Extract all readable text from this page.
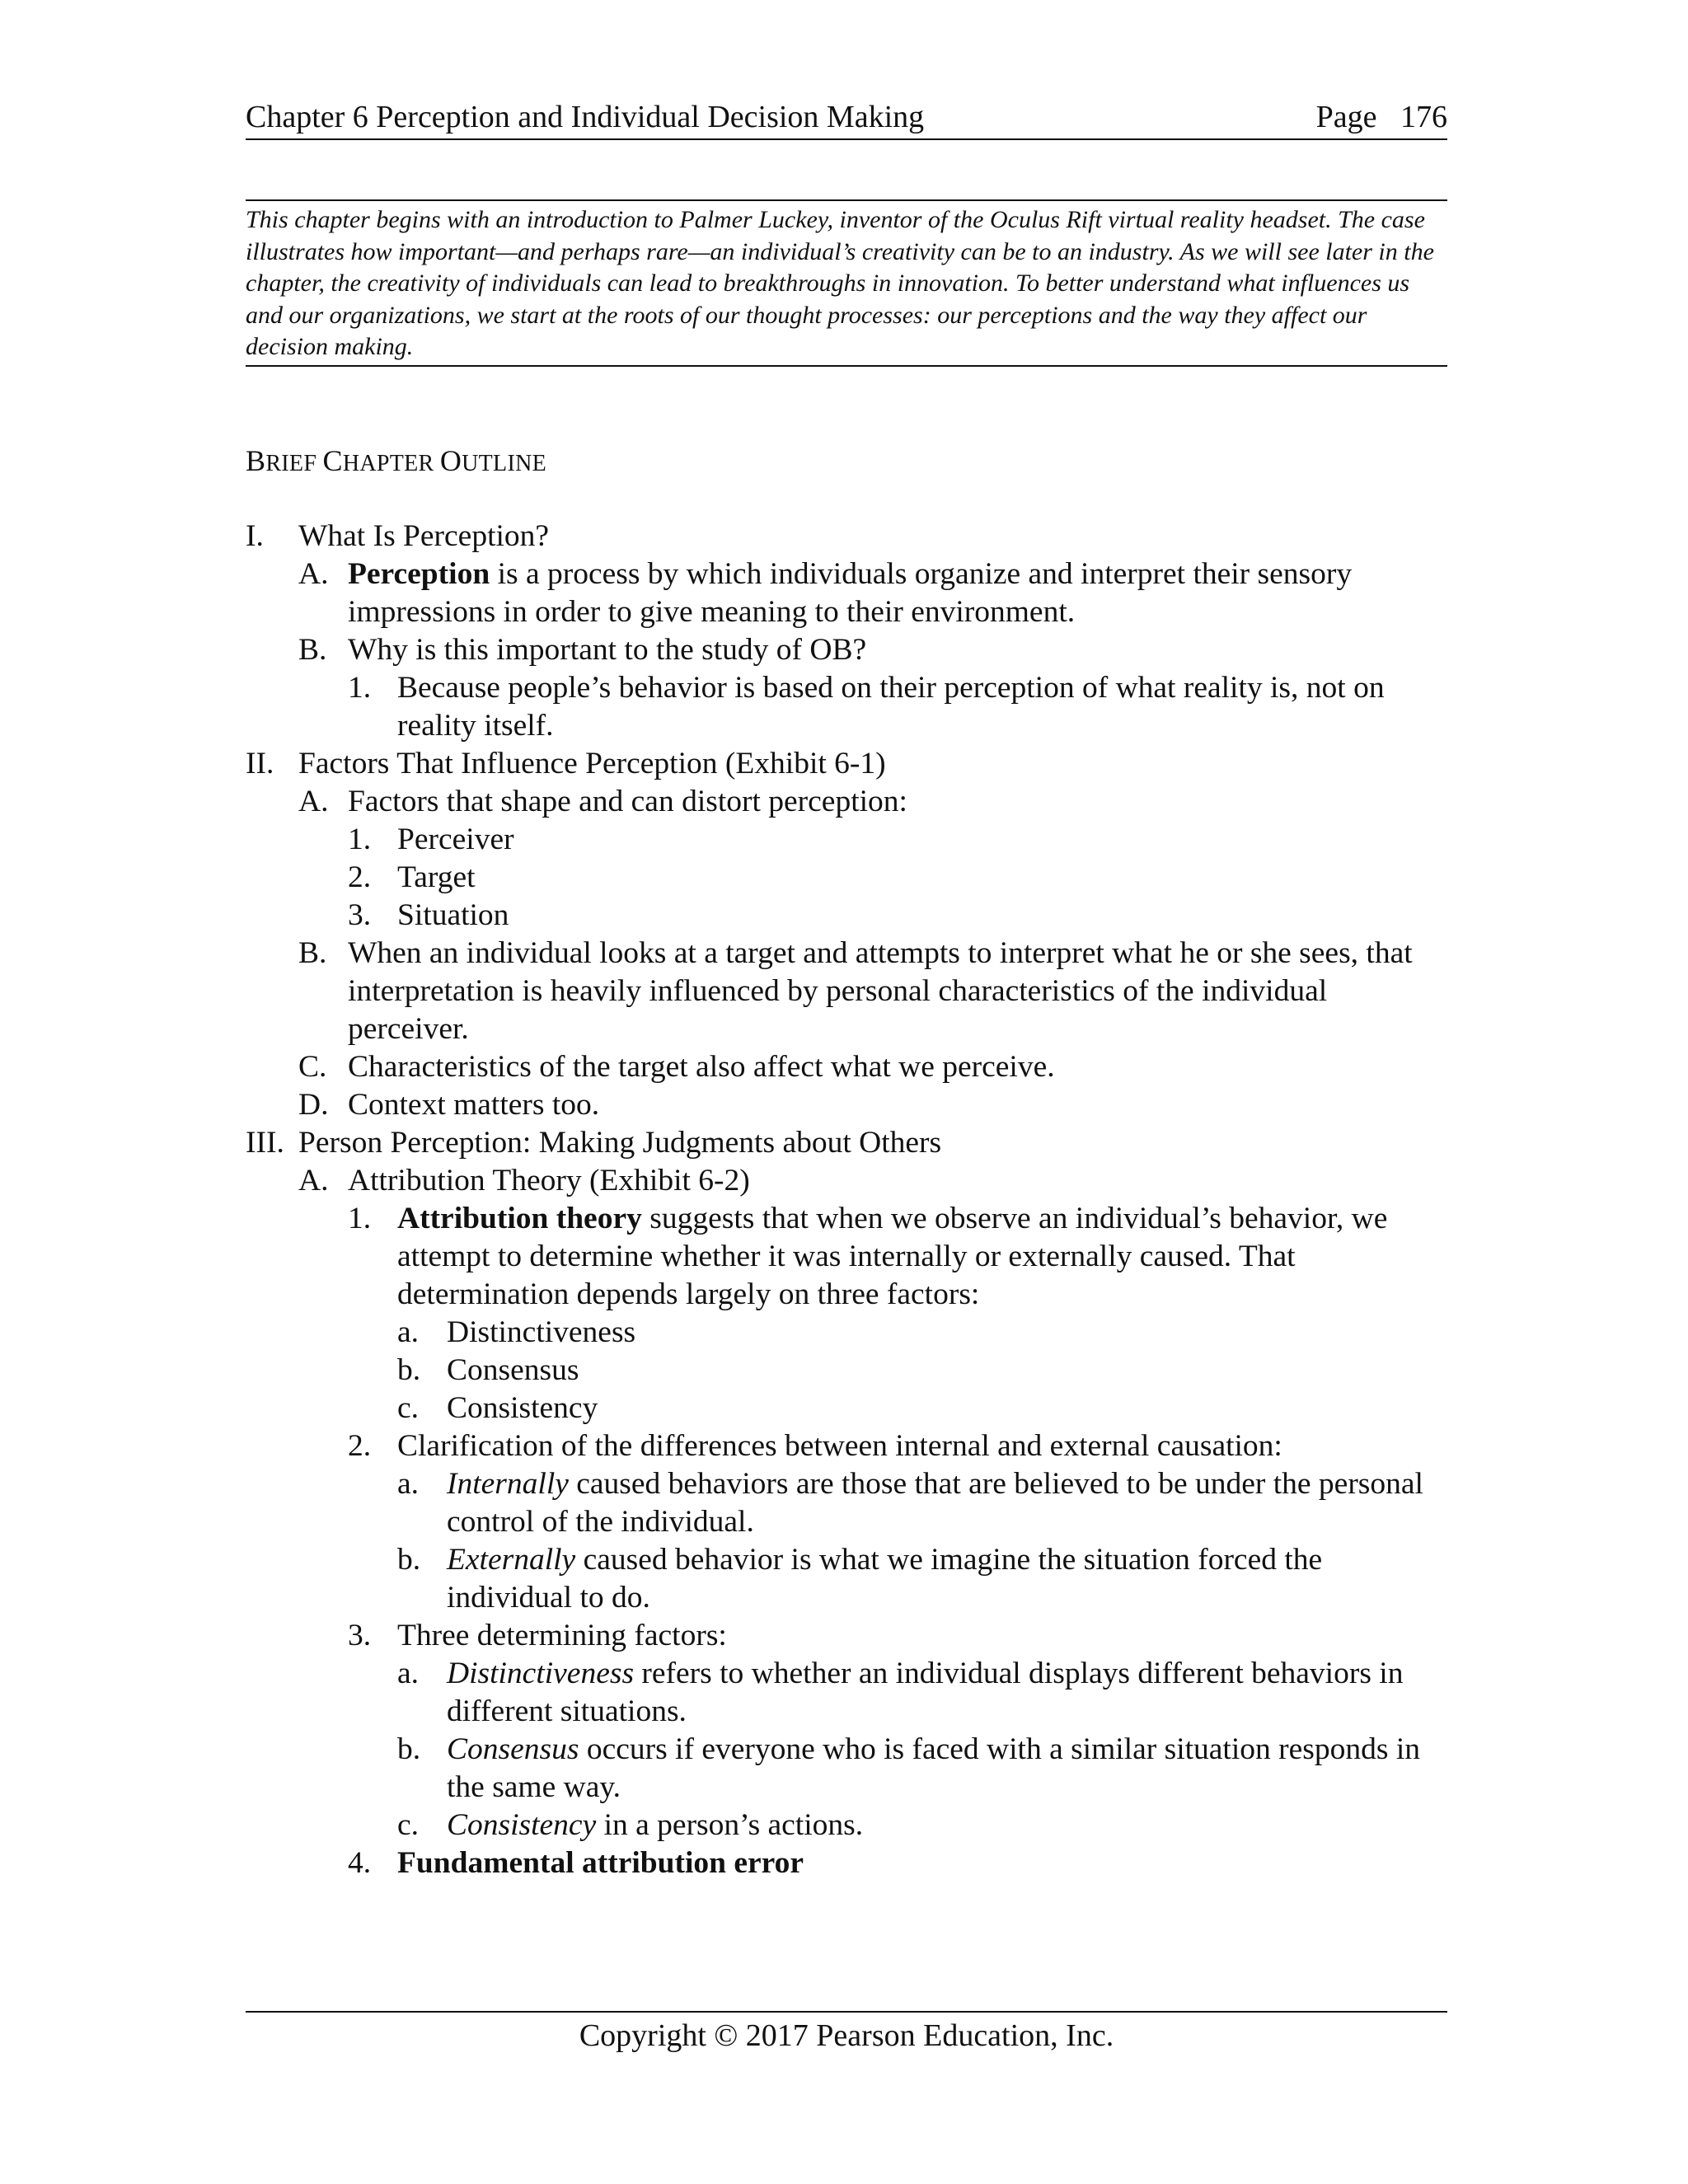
Chapter 6 Perception and Individual Decision Making	Page   176
This chapter begins with an introduction to Palmer Luckey, inventor of the Oculus Rift virtual reality headset. The case illustrates how important—and perhaps rare—an individual’s creativity can be to an industry. As we will see later in the chapter, the creativity of individuals can lead to breakthroughs in innovation. To better understand what influences us and our organizations, we start at the roots of our thought processes: our perceptions and the way they affect our decision making.
BRIEF CHAPTER OUTLINE
I. What Is Perception?
A. Perception is a process by which individuals organize and interpret their sensory impressions in order to give meaning to their environment.
B. Why is this important to the study of OB?
1. Because people’s behavior is based on their perception of what reality is, not on reality itself.
II. Factors That Influence Perception (Exhibit 6-1)
A. Factors that shape and can distort perception:
1. Perceiver
2. Target
3. Situation
B. When an individual looks at a target and attempts to interpret what he or she sees, that interpretation is heavily influenced by personal characteristics of the individual perceiver.
C. Characteristics of the target also affect what we perceive.
D. Context matters too.
III. Person Perception: Making Judgments about Others
A. Attribution Theory (Exhibit 6-2)
1. Attribution theory suggests that when we observe an individual’s behavior, we attempt to determine whether it was internally or externally caused. That determination depends largely on three factors:
a. Distinctiveness
b. Consensus
c. Consistency
2. Clarification of the differences between internal and external causation:
a. Internally caused behaviors are those that are believed to be under the personal control of the individual.
b. Externally caused behavior is what we imagine the situation forced the individual to do.
3. Three determining factors:
a. Distinctiveness refers to whether an individual displays different behaviors in different situations.
b. Consensus occurs if everyone who is faced with a similar situation responds in the same way.
c. Consistency in a person’s actions.
4. Fundamental attribution error
Copyright © 2017 Pearson Education, Inc.
